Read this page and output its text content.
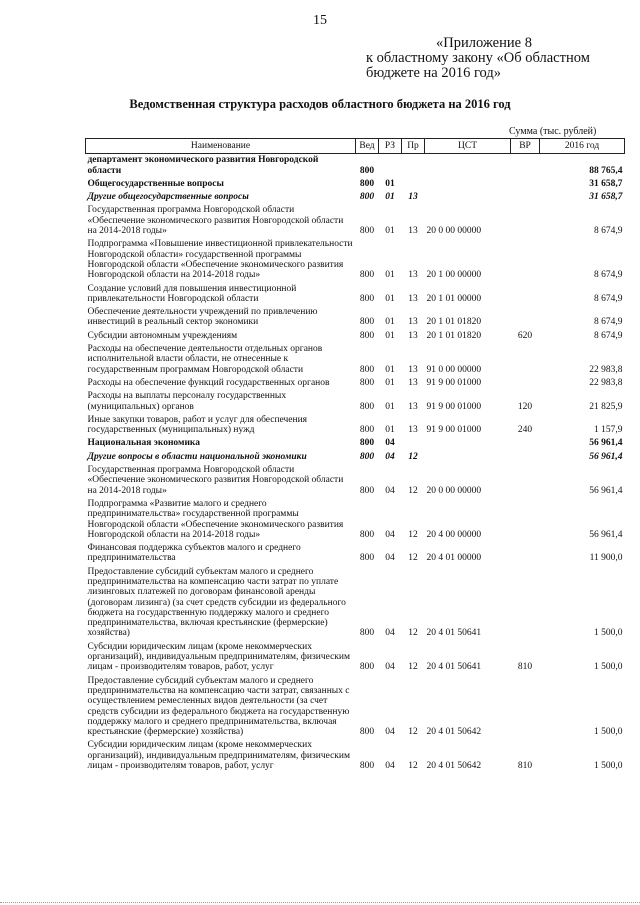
15
«Приложение 8
к областному закону «Об областном
бюджете на 2016 год»
Ведомственная структура расходов областного бюджета на 2016 год
Сумма (тыс. рублей)
Наименование	Вед	РЗ	Пр	ЦСТ	ВР	2016 год
департамент экономического развития Новгородской области	800					88 765,4
Общегосударственные вопросы	800	01				31 658,7
Другие общегосударственные вопросы	800	01	13			31 658,7
Государственная программа Новгородской области «Обеспечение экономического развития Новгородской области на 2014-2018 годы»	800	01	13	20 0 00 00000		8 674,9
Подпрограмма «Повышение инвестиционной привлекательности Новгородской области» государственной программы Новгородской области «Обеспечение экономического развития Новгородской области на 2014-2018 годы»	800	01	13	20 1 00 00000		8 674,9
Создание условий для повышения инвестиционной привлекательности Новгородской области	800	01	13	20 1 01 00000		8 674,9
Обеспечение деятельности учреждений по привлечению инвестиций в реальный сектор экономики	800	01	13	20 1 01 01820		8 674,9
Субсидии автономным учреждениям	800	01	13	20 1 01 01820	620	8 674,9
Расходы на обеспечение деятельности отдельных органов исполнительной власти области, не отнесенные к государственным программам Новгородской области	800	01	13	91 0 00 00000		22 983,8
Расходы на обеспечение функций государственных органов	800	01	13	91 9 00 01000		22 983,8
Расходы на выплаты персоналу государственных (муниципальных) органов	800	01	13	91 9 00 01000	120	21 825,9
Иные закупки товаров, работ и услуг для обеспечения государственных (муниципальных) нужд	800	01	13	91 9 00 01000	240	1 157,9
Национальная экономика	800	04				56 961,4
Другие вопросы в области национальной экономики	800	04	12			56 961,4
Государственная программа Новгородской области «Обеспечение экономического развития Новгородской области на 2014-2018 годы»	800	04	12	20 0 00 00000		56 961,4
Подпрограмма «Развитие малого и среднего предпринимательства» государственной программы Новгородской области «Обеспечение экономического развития Новгородской области на 2014-2018 годы»	800	04	12	20 4 00 00000		56 961,4
Финансовая поддержка субъектов малого и среднего предпринимательства	800	04	12	20 4 01 00000		11 900,0
Предоставление субсидий субъектам малого и среднего предпринимательства на компенсацию части затрат по уплате лизинговых платежей по договорам финансовой аренды (договорам лизинга) (за счет средств субсидии из федерального бюджета на государственную поддержку малого и среднего предпринимательства, включая крестьянские (фермерские) хозяйства)	800	04	12	20 4 01 50641		1 500,0
Субсидии юридическим лицам (кроме некоммерческих организаций), индивидуальным предпринимателям, физическим лицам - производителям товаров, работ, услуг	800	04	12	20 4 01 50641	810	1 500,0
Предоставление субсидий субъектам малого и среднего предпринимательства на компенсацию части затрат, связанных с осуществлением ремесленных видов деятельности (за счет средств субсидии из федерального бюджета на государственную поддержку малого и среднего предпринимательства, включая крестьянские (фермерские) хозяйства)	800	04	12	20 4 01 50642		1 500,0
Субсидии юридическим лицам (кроме некоммерческих организаций), индивидуальным предпринимателям, физическим лицам - производителям товаров, работ, услуг	800	04	12	20 4 01 50642	810	1 500,0
